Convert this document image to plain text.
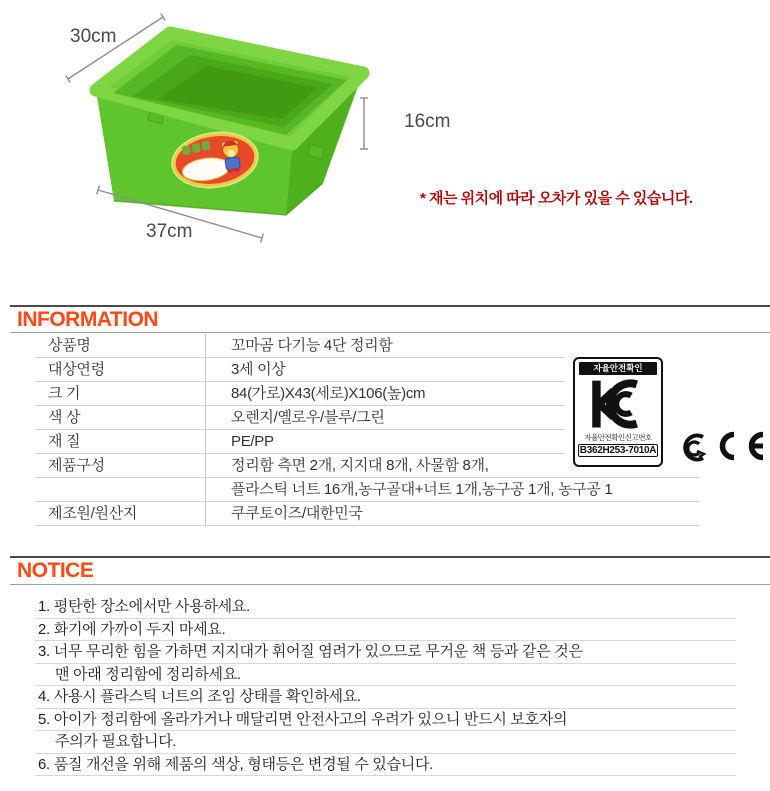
30cm
16cm
37cm
* 재는 위치에 따라 오차가 있을 수 있습니다.
INFORMATION
상품명	꼬마곰 다기능 4단 정리함
대상연령	3세 이상
크 기	84(가로)X43(세로)X106(높)cm
색 상	오렌지/옐로우/블루/그린
재 질	PE/PP
제품구성	정리함 측면 2개, 지지대 8개, 사물함 8개,
플라스틱 너트 16개,농구골대+너트 1개,농구공 1개, 농구공 1
제조원/원산지	쿠쿠토이즈/대한민국
자율안전확인
자율안전확인신고번호
B362H253-7010A
NOTICE
1. 평탄한 장소에서만 사용하세요.
2. 화기에 가까이 두지 마세요.
3. 너무 무리한 힘을 가하면 지지대가 휘어질 염려가 있으므로 무거운 책 등과 같은 것은
맨 아래 정리함에 정리하세요.
4. 사용시 플라스틱 너트의 조임 상태를 확인하세요.
5. 아이가 정리함에 올라가거나 매달리면 안전사고의 우려가 있으니 반드시 보호자의
주의가 필요합니다.
6. 품질 개선을 위해 제품의 색상, 형태등은 변경될 수 있습니다.
